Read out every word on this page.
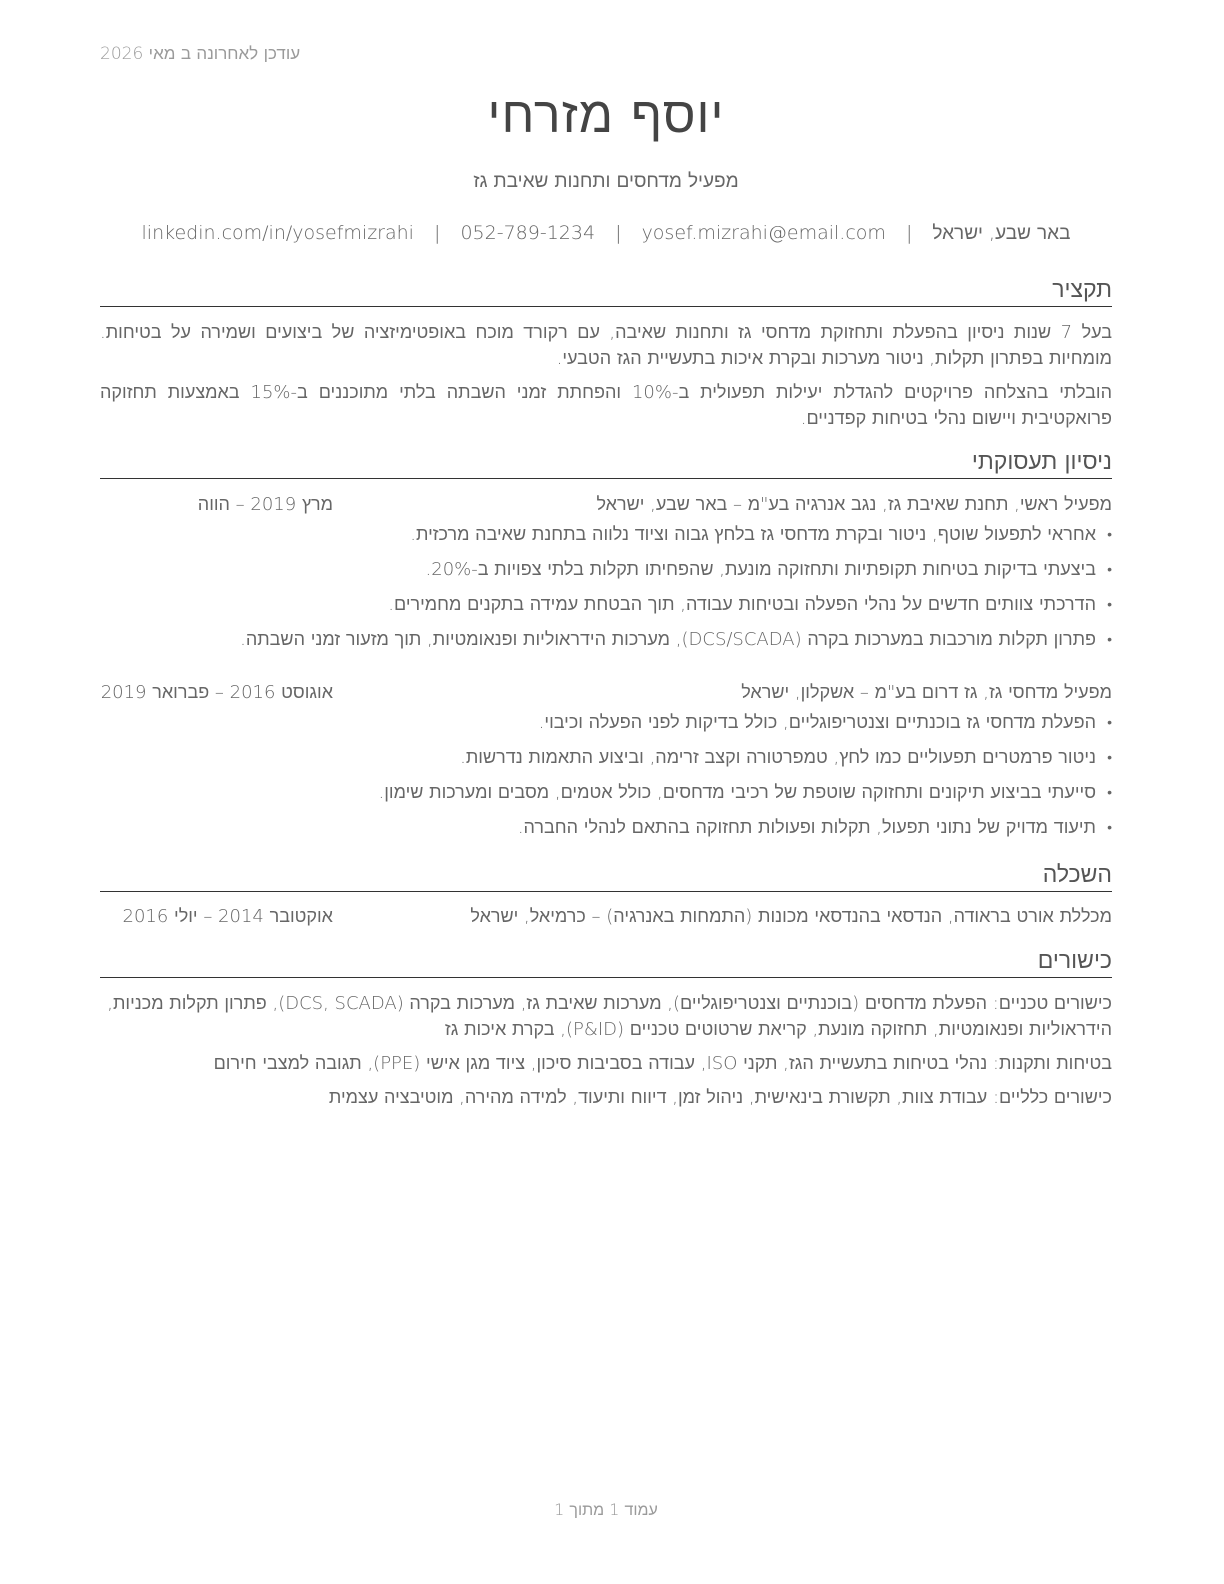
עודכן לאחרונה ב מאי 2026
יוסף מזרחי
מפעיל מדחסים ותחנות שאיבת גז
באר שבע, ישראל | yosef.mizrahi@email.com | 052-789-1234 | linkedin.com/in/yosefmizrahi
תקציר
בעל 7 שנות ניסיון בהפעלת ותחזוקת מדחסי גז ותחנות שאיבה, עם רקורד מוכח באופטימיזציה של ביצועים ושמירה על בטיחות. מומחיות בפתרון תקלות, ניטור מערכות ובקרת איכות בתעשיית הגז הטבעי.
הובלתי בהצלחה פרויקטים להגדלת יעילות תפעולית ב-10% והפחתת זמני השבתה בלתי מתוכננים ב-15% באמצעות תחזוקה פרואקטיבית ויישום נהלי בטיחות קפדניים.
ניסיון תעסוקתי
מפעיל ראשי, תחנת שאיבת גז, נגב אנרגיה בע"מ – באר שבע, ישראל
מרץ 2019 – הווה
• אחראי לתפעול שוטף, ניטור ובקרת מדחסי גז בלחץ גבוה וציוד נלווה בתחנת שאיבה מרכזית.
• ביצעתי בדיקות בטיחות תקופתיות ותחזוקה מונעת, שהפחיתו תקלות בלתי צפויות ב-20%.
• הדרכתי צוותים חדשים על נהלי הפעלה ובטיחות עבודה, תוך הבטחת עמידה בתקנים מחמירים.
• פתרון תקלות מורכבות במערכות בקרה (DCS/SCADA), מערכות הידראוליות ופנאומטיות, תוך מזעור זמני השבתה.
מפעיל מדחסי גז, גז דרום בע"מ – אשקלון, ישראל
אוגוסט 2016 – פברואר 2019
• הפעלת מדחסי גז בוכנתיים וצנטריפוגליים, כולל בדיקות לפני הפעלה וכיבוי.
• ניטור פרמטרים תפעוליים כמו לחץ, טמפרטורה וקצב זרימה, וביצוע התאמות נדרשות.
• סייעתי בביצוע תיקונים ותחזוקה שוטפת של רכיבי מדחסים, כולל אטמים, מסבים ומערכות שימון.
• תיעוד מדויק של נתוני תפעול, תקלות ופעולות תחזוקה בהתאם לנהלי החברה.
השכלה
מכללת אורט בראודה, הנדסאי בהנדסאי מכונות (התמחות באנרגיה) – כרמיאל, ישראל
אוקטובר 2014 – יולי 2016
כישורים
כישורים טכניים: הפעלת מדחסים (בוכנתיים וצנטריפוגליים), מערכות שאיבת גז, מערכות בקרה (DCS, SCADA), פתרון תקלות מכניות, הידראוליות ופנאומטיות, תחזוקה מונעת, קריאת שרטוטים טכניים (P&ID), בקרת איכות גז
בטיחות ותקנות: נהלי בטיחות בתעשיית הגז, תקני ISO, עבודה בסביבות סיכון, ציוד מגן אישי (PPE), תגובה למצבי חירום
כישורים כלליים: עבודת צוות, תקשורת בינאישית, ניהול זמן, דיווח ותיעוד, למידה מהירה, מוטיבציה עצמית
עמוד 1 מתוך 1
